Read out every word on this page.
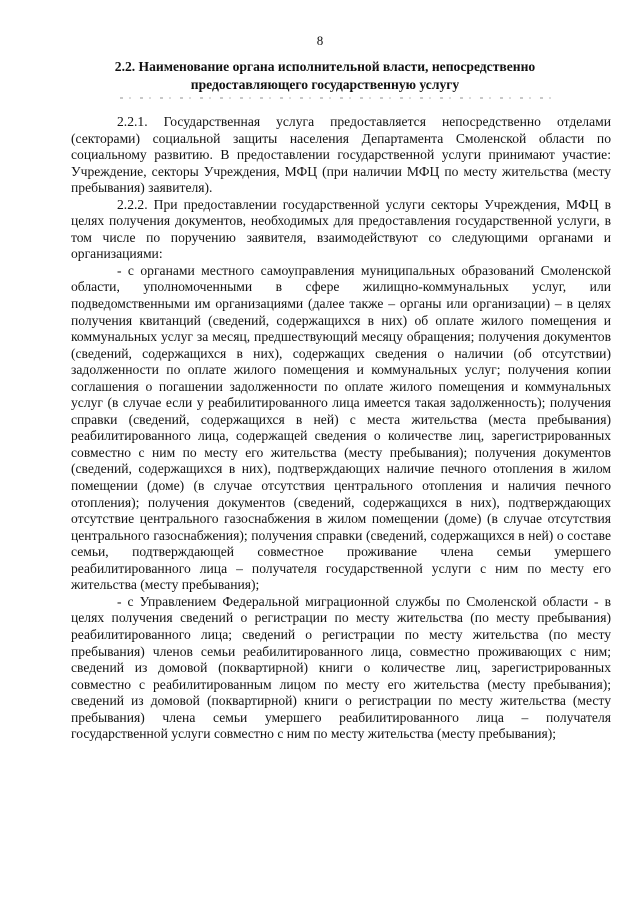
8
2.2. Наименование органа исполнительной власти, непосредственно
предоставляющего государственную услугу

2.2.1. Государственная услуга предоставляется непосредственно отделами (секторами) социальной защиты населения Департамента Смоленской области по социальному развитию. В предоставлении государственной услуги принимают участие: Учреждение, секторы Учреждения, МФЦ (при наличии МФЦ по месту жительства (месту пребывания) заявителя).

2.2.2. При предоставлении государственной услуги секторы Учреждения, МФЦ в целях получения документов, необходимых для предоставления государственной услуги, в том числе по поручению заявителя, взаимодействуют со следующими органами и организациями:

- с органами местного самоуправления муниципальных образований Смоленской области, уполномоченными в сфере жилищно-коммунальных услуг, или подведомственными им организациями (далее также – органы или организации) – в целях получения квитанций (сведений, содержащихся в них) об оплате жилого помещения и коммунальных услуг за месяц, предшествующий месяцу обращения; получения документов (сведений, содержащихся в них), содержащих сведения о наличии (об отсутствии) задолженности по оплате жилого помещения и коммунальных услуг; получения копии соглашения о погашении задолженности по оплате жилого помещения и коммунальных услуг (в случае если у реабилитированного лица имеется такая задолженность); получения справки (сведений, содержащихся в ней) с места жительства (места пребывания) реабилитированного лица, содержащей сведения о количестве лиц, зарегистрированных совместно с ним по месту его жительства (месту пребывания); получения документов (сведений, содержащихся в них), подтверждающих наличие печного отопления в жилом помещении (доме) (в случае отсутствия центрального отопления и наличия печного отопления); получения документов (сведений, содержащихся в них), подтверждающих отсутствие центрального газоснабжения в жилом помещении (доме) (в случае отсутствия центрального газоснабжения); получения справки (сведений, содержащихся в ней) о составе семьи, подтверждающей совместное проживание члена семьи умершего реабилитированного лица – получателя государственной услуги с ним по месту его жительства (месту пребывания);

- с Управлением Федеральной миграционной службы по Смоленской области - в целях получения сведений о регистрации по месту жительства (по месту пребывания) реабилитированного лица; сведений о регистрации по месту жительства (по месту пребывания) членов семьи реабилитированного лица, совместно проживающих с ним; сведений из домовой (поквартирной) книги о количестве лиц, зарегистрированных совместно с реабилитированным лицом по месту его жительства (месту пребывания); сведений из домовой (поквартирной) книги о регистрации по месту жительства (месту пребывания) члена семьи умершего реабилитированного лица – получателя государственной услуги совместно с ним по месту жительства (месту пребывания);
